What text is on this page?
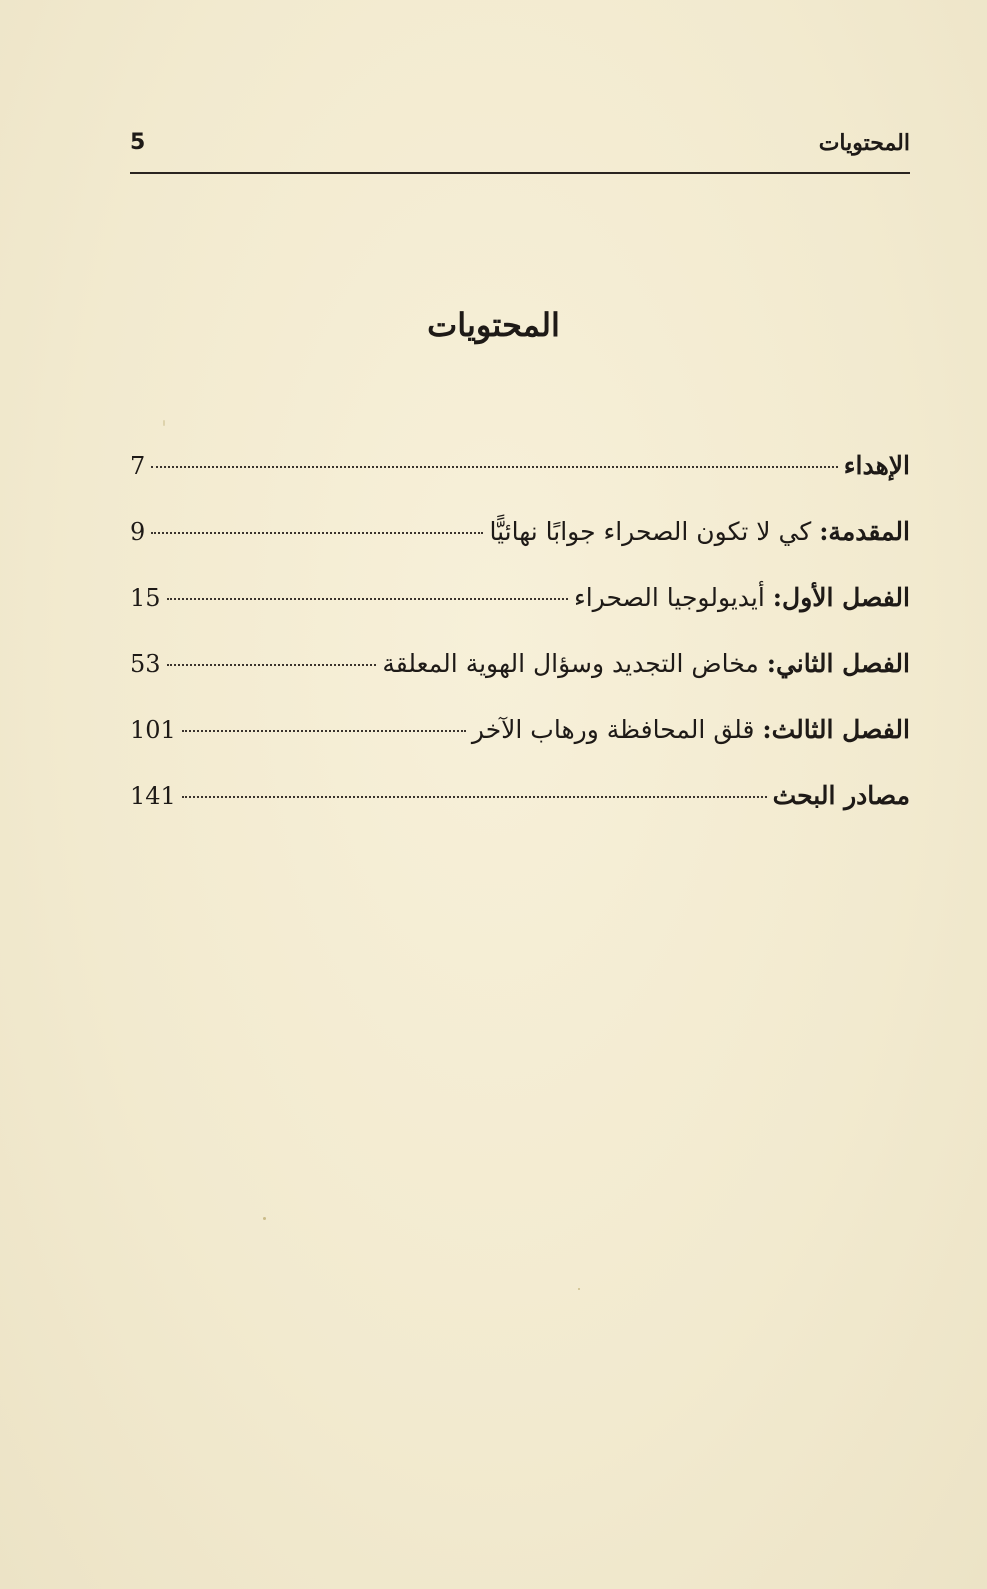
5	المحتويات
المحتويات
7	الإهداء
9	المقدمة: كي لا تكون الصحراء جوابًا نهائيًّا
15	الفصل الأول: أيديولوجيا الصحراء
53	الفصل الثاني: مخاض التجديد وسؤال الهوية المعلقة
101	الفصل الثالث: قلق المحافظة ورهاب الآخر
141	مصادر البحث
